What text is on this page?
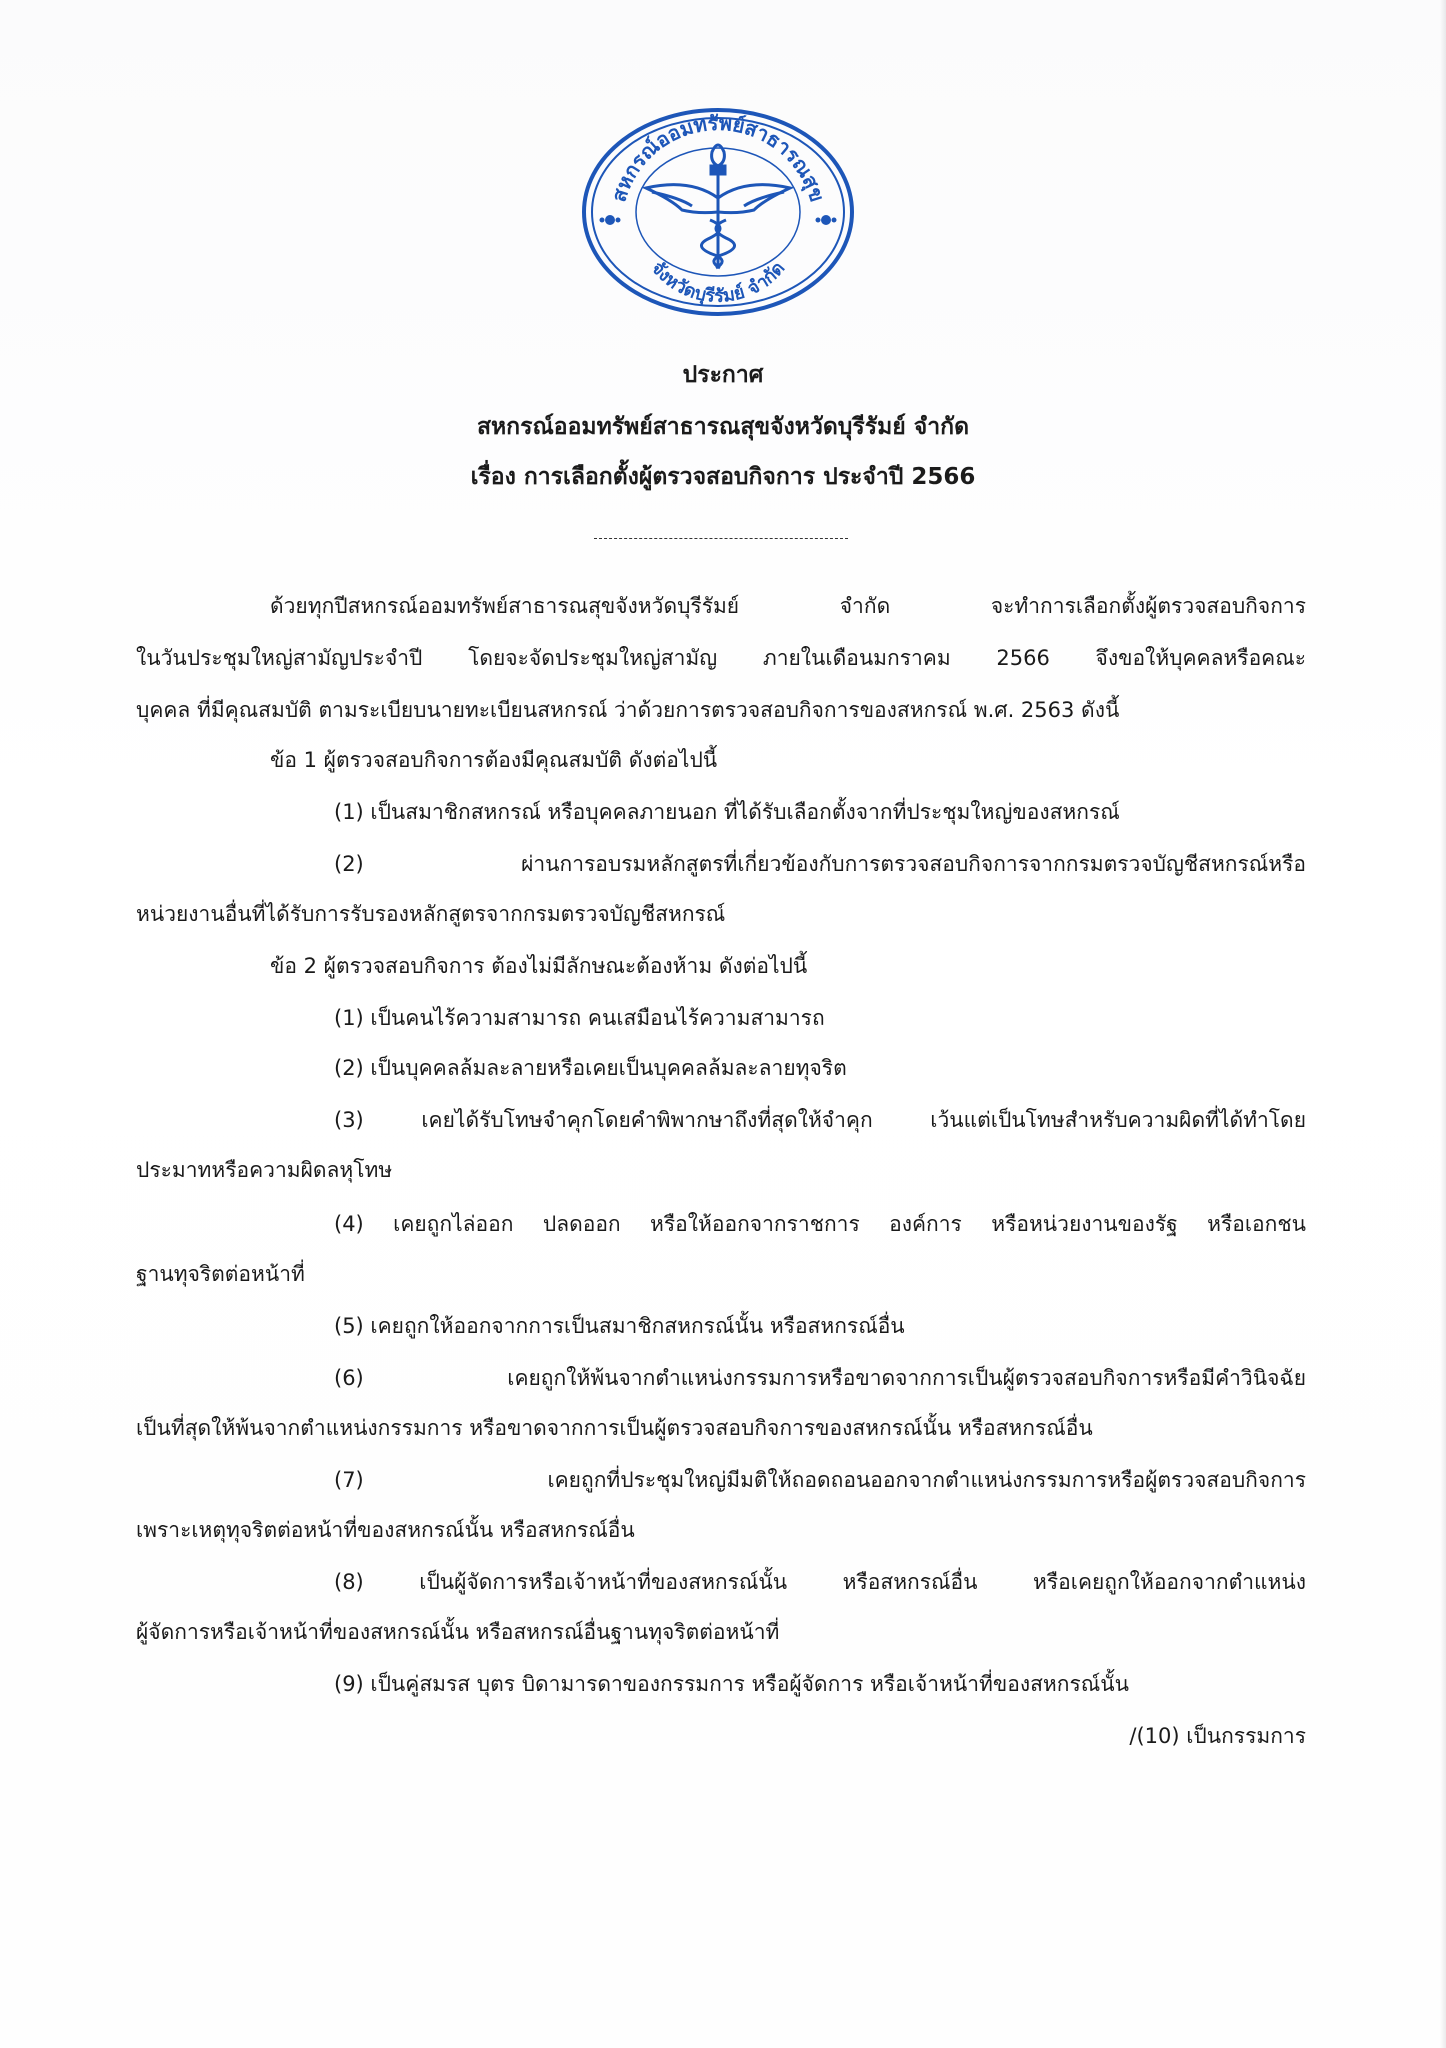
สหกรณ์ออมทรัพย์สาธารณสุข
จังหวัดบุรีรัมย์ จำกัด
ประกาศ
สหกรณ์ออมทรัพย์สาธารณสุขจังหวัดบุรีรัมย์ จำกัด
เรื่อง การเลือกตั้งผู้ตรวจสอบกิจการ ประจำปี 2566
ด้วยทุกปีสหกรณ์ออมทรัพย์สาธารณสุขจังหวัดบุรีรัมย์ จำกัด จะทำการเลือกตั้งผู้ตรวจสอบกิจการ
ในวันประชุมใหญ่สามัญประจำปี โดยจะจัดประชุมใหญ่สามัญ ภายในเดือนมกราคม 2566 จึงขอให้บุคคลหรือคณะ
บุคคล ที่มีคุณสมบัติ ตามระเบียบนายทะเบียนสหกรณ์ ว่าด้วยการตรวจสอบกิจการของสหกรณ์ พ.ศ. 2563 ดังนี้
ข้อ 1 ผู้ตรวจสอบกิจการต้องมีคุณสมบัติ ดังต่อไปนี้
(1) เป็นสมาชิกสหกรณ์ หรือบุคคลภายนอก ที่ได้รับเลือกตั้งจากที่ประชุมใหญ่ของสหกรณ์
(2) ผ่านการอบรมหลักสูตรที่เกี่ยวข้องกับการตรวจสอบกิจการจากกรมตรวจบัญชีสหกรณ์หรือ
หน่วยงานอื่นที่ได้รับการรับรองหลักสูตรจากกรมตรวจบัญชีสหกรณ์
ข้อ 2 ผู้ตรวจสอบกิจการ ต้องไม่มีลักษณะต้องห้าม ดังต่อไปนี้
(1) เป็นคนไร้ความสามารถ คนเสมือนไร้ความสามารถ
(2) เป็นบุคคลล้มละลายหรือเคยเป็นบุคคลล้มละลายทุจริต
(3) เคยได้รับโทษจำคุกโดยคำพิพากษาถึงที่สุดให้จำคุก เว้นแต่เป็นโทษสำหรับความผิดที่ได้ทำโดย
ประมาทหรือความผิดลหุโทษ
(4) เคยถูกไล่ออก ปลดออก หรือให้ออกจากราชการ องค์การ หรือหน่วยงานของรัฐ หรือเอกชน
ฐานทุจริตต่อหน้าที่
(5) เคยถูกให้ออกจากการเป็นสมาชิกสหกรณ์นั้น หรือสหกรณ์อื่น
(6) เคยถูกให้พ้นจากตำแหน่งกรรมการหรือขาดจากการเป็นผู้ตรวจสอบกิจการหรือมีคำวินิจฉัย
เป็นที่สุดให้พ้นจากตำแหน่งกรรมการ หรือขาดจากการเป็นผู้ตรวจสอบกิจการของสหกรณ์นั้น หรือสหกรณ์อื่น
(7) เคยถูกที่ประชุมใหญ่มีมติให้ถอดถอนออกจากตำแหน่งกรรมการหรือผู้ตรวจสอบกิจการ
เพราะเหตุทุจริตต่อหน้าที่ของสหกรณ์นั้น หรือสหกรณ์อื่น
(8) เป็นผู้จัดการหรือเจ้าหน้าที่ของสหกรณ์นั้น หรือสหกรณ์อื่น หรือเคยถูกให้ออกจากตำแหน่ง
ผู้จัดการหรือเจ้าหน้าที่ของสหกรณ์นั้น หรือสหกรณ์อื่นฐานทุจริตต่อหน้าที่
(9) เป็นคู่สมรส บุตร บิดามารดาของกรรมการ หรือผู้จัดการ หรือเจ้าหน้าที่ของสหกรณ์นั้น
/(10) เป็นกรรมการ
